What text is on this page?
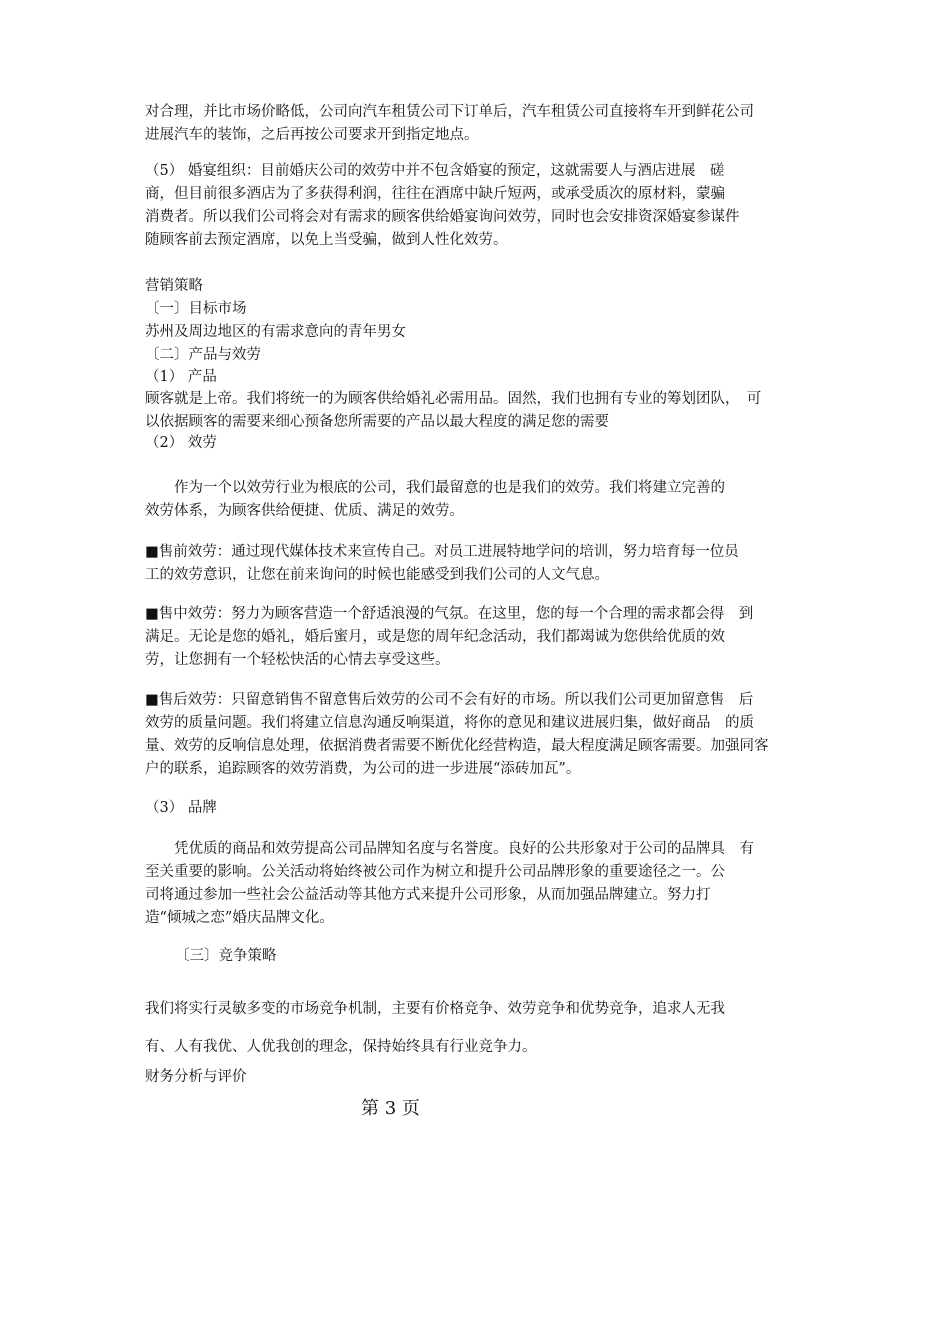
对合理，并比市场价略低，公司向汽车租赁公司下订单后，汽车租赁公司直接将车开到鲜花公司
进展汽车的装饰，之后再按公司要求开到指定地点。
（5） 婚宴组织：目前婚庆公司的效劳中并不包含婚宴的预定，这就需要人与酒店进展　磋
商，但目前很多酒店为了多获得利润，往往在酒席中缺斤短两，或承受质次的原材料，蒙骗
消费者。所以我们公司将会对有需求的顾客供给婚宴询问效劳，同时也会安排资深婚宴参谋件
随顾客前去预定酒席，以免上当受骗，做到人性化效劳。
营销策略
〔一〕目标市场
苏州及周边地区的有需求意向的青年男女
〔二〕产品与效劳
（1） 产品
顾客就是上帝。我们将统一的为顾客供给婚礼必需用品。固然，我们也拥有专业的筹划团队，　可
以依据顾客的需要来细心预备您所需要的产品以最大程度的满足您的需要
（2） 效劳
作为一个以效劳行业为根底的公司，我们最留意的也是我们的效劳。我们将建立完善的
效劳体系，为顾客供给便捷、优质、满足的效劳。
■售前效劳：通过现代媒体技术来宣传自己。对员工进展特地学问的培训，努力培育每一位员
工的效劳意识，让您在前来询问的时候也能感受到我们公司的人文气息。
■售中效劳：努力为顾客营造一个舒适浪漫的气氛。在这里，您的每一个合理的需求都会得　到
满足。无论是您的婚礼，婚后蜜月，或是您的周年纪念活动，我们都竭诚为您供给优质的效
劳，让您拥有一个轻松快活的心情去享受这些。
■售后效劳：只留意销售不留意售后效劳的公司不会有好的市场。所以我们公司更加留意售　后
效劳的质量问题。我们将建立信息沟通反响渠道，将你的意见和建议进展归集，做好商品　的质
量、效劳的反响信息处理，依据消费者需要不断优化经营构造，最大程度满足顾客需要。加强同客
户的联系，追踪顾客的效劳消费，为公司的进一步进展“添砖加瓦”。
（3） 品牌
凭优质的商品和效劳提高公司品牌知名度与名誉度。良好的公共形象对于公司的品牌具　有
至关重要的影响。公关活动将始终被公司作为树立和提升公司品牌形象的重要途径之一。公
司将通过参加一些社会公益活动等其他方式来提升公司形象，从而加强品牌建立。努力打
造“倾城之恋”婚庆品牌文化。
〔三〕竞争策略
我们将实行灵敏多变的市场竞争机制，主要有价格竞争、效劳竞争和优势竞争，追求人无我
有、人有我优、人优我创的理念，保持始终具有行业竞争力。
财务分析与评价
第 3 页
